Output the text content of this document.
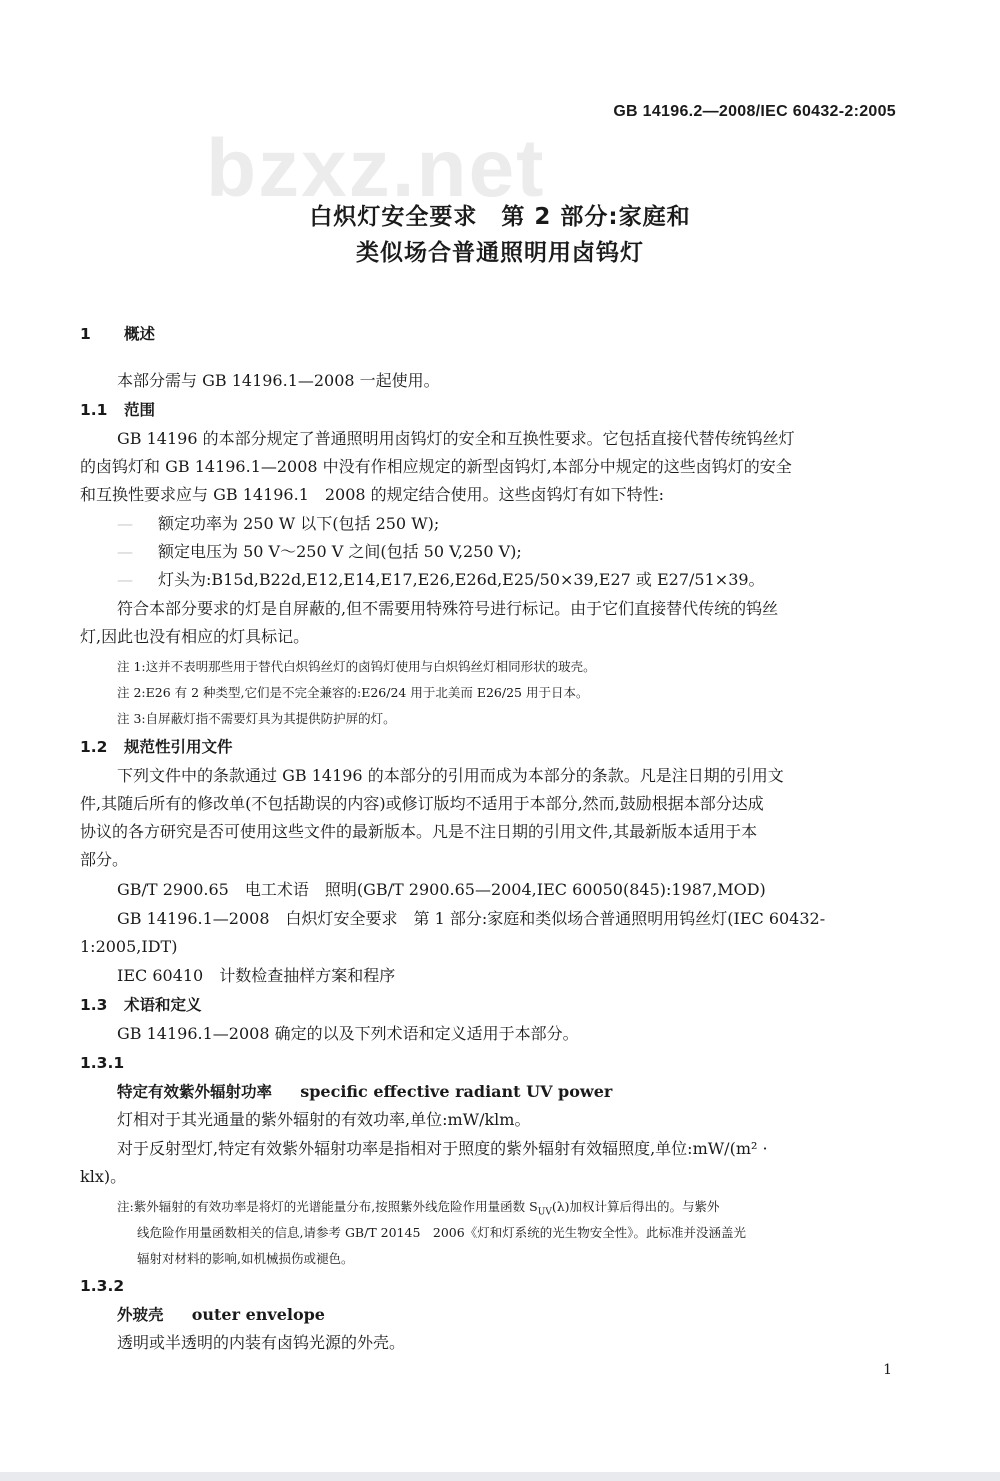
GB 14196.2—2008/IEC 60432-2:2005
bzxz.net
白炽灯安全要求　第 2 部分:家庭和
类似场合普通照明用卤钨灯
1 概述
本部分需与 GB 14196.1—2008 一起使用。
1.1 范围
GB 14196 的本部分规定了普通照明用卤钨灯的安全和互换性要求。它包括直接代替传统钨丝灯
的卤钨灯和 GB 14196.1—2008 中没有作相应规定的新型卤钨灯,本部分中规定的这些卤钨灯的安全
和互换性要求应与 GB 14196.1　2008 的规定结合使用。这些卤钨灯有如下特性:
— 额定功率为 250 W 以下(包括 250 W);
— 额定电压为 50 V～250 V 之间(包括 50 V,250 V);
— 灯头为:B15d,B22d,E12,E14,E17,E26,E26d,E25/50×39,E27 或 E27/51×39。
符合本部分要求的灯是自屏蔽的,但不需要用特殊符号进行标记。由于它们直接替代传统的钨丝
灯,因此也没有相应的灯具标记。
注 1:这并不表明那些用于替代白炽钨丝灯的卤钨灯使用与白炽钨丝灯相同形状的玻壳。
注 2:E26 有 2 种类型,它们是不完全兼容的:E26/24 用于北美而 E26/25 用于日本。
注 3:自屏蔽灯指不需要灯具为其提供防护屏的灯。
1.2 规范性引用文件
下列文件中的条款通过 GB 14196 的本部分的引用而成为本部分的条款。凡是注日期的引用文
件,其随后所有的修改单(不包括勘误的内容)或修订版均不适用于本部分,然而,鼓励根据本部分达成
协议的各方研究是否可使用这些文件的最新版本。凡是不注日期的引用文件,其最新版本适用于本
部分。
GB/T 2900.65　电工术语　照明(GB/T 2900.65—2004,IEC 60050(845):1987,MOD)
GB 14196.1—2008　白炽灯安全要求　第 1 部分:家庭和类似场合普通照明用钨丝灯(IEC 60432-
1:2005,IDT)
IEC 60410　计数检查抽样方案和程序
1.3 术语和定义
GB 14196.1—2008 确定的以及下列术语和定义适用于本部分。
1.3.1
特定有效紫外辐射功率 specific effective radiant UV power
灯相对于其光通量的紫外辐射的有效功率,单位:mW/klm。
对于反射型灯,特定有效紫外辐射功率是指相对于照度的紫外辐射有效辐照度,单位:mW/(m² ·
klx)。
注:紫外辐射的有效功率是将灯的光谱能量分布,按照紫外线危险作用量函数 $S_{UV}(\lambda)$加权计算后得出的。与紫外
线危险作用量函数相关的信息,请参考 GB/T 20145　2006《灯和灯系统的光生物安全性》。此标准并没涵盖光
辐射对材料的影响,如机械损伤或褪色。
1.3.2
外玻壳 outer envelope
透明或半透明的内装有卤钨光源的外壳。
1
